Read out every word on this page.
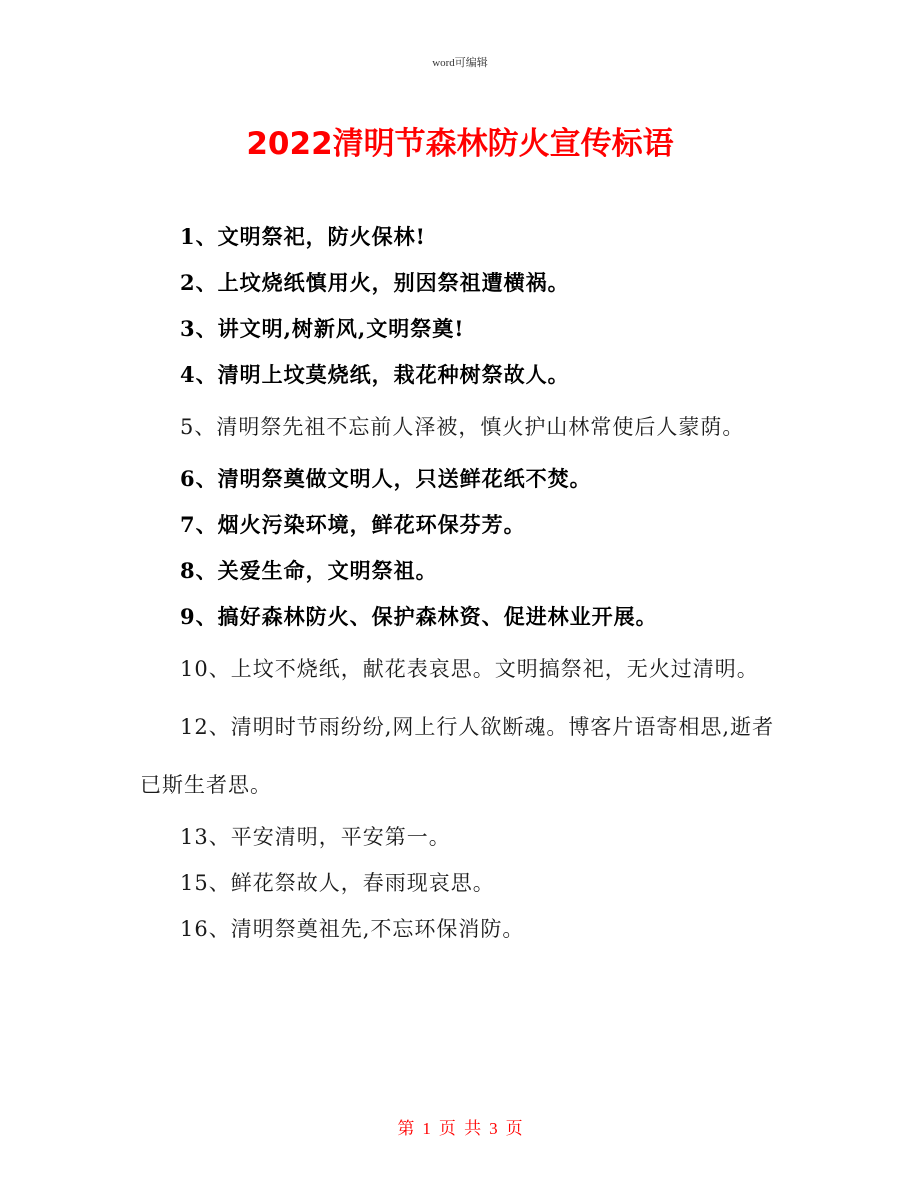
word可编辑
2022清明节森林防火宣传标语

1、文明祭祀，防火保林!

2、上坟烧纸慎用火，别因祭祖遭横祸。

3、讲文明,树新风,文明祭奠!

4、清明上坟莫烧纸，栽花种树祭故人。

5、清明祭先祖不忘前人泽被，慎火护山林常使后人蒙荫。

6、清明祭奠做文明人，只送鲜花纸不焚。

7、烟火污染环境，鲜花环保芬芳。

8、关爱生命，文明祭祖。

9、搞好森林防火、保护森林资、促进林业开展。

10、上坟不烧纸，献花表哀思。文明搞祭祀，无火过清明。

12、清明时节雨纷纷,网上行人欲断魂。博客片语寄相思,逝者已斯生者思。

13、平安清明，平安第一。

15、鲜花祭故人，春雨现哀思。

16、清明祭奠祖先,不忘环保消防。

第 1 页 共 3 页
